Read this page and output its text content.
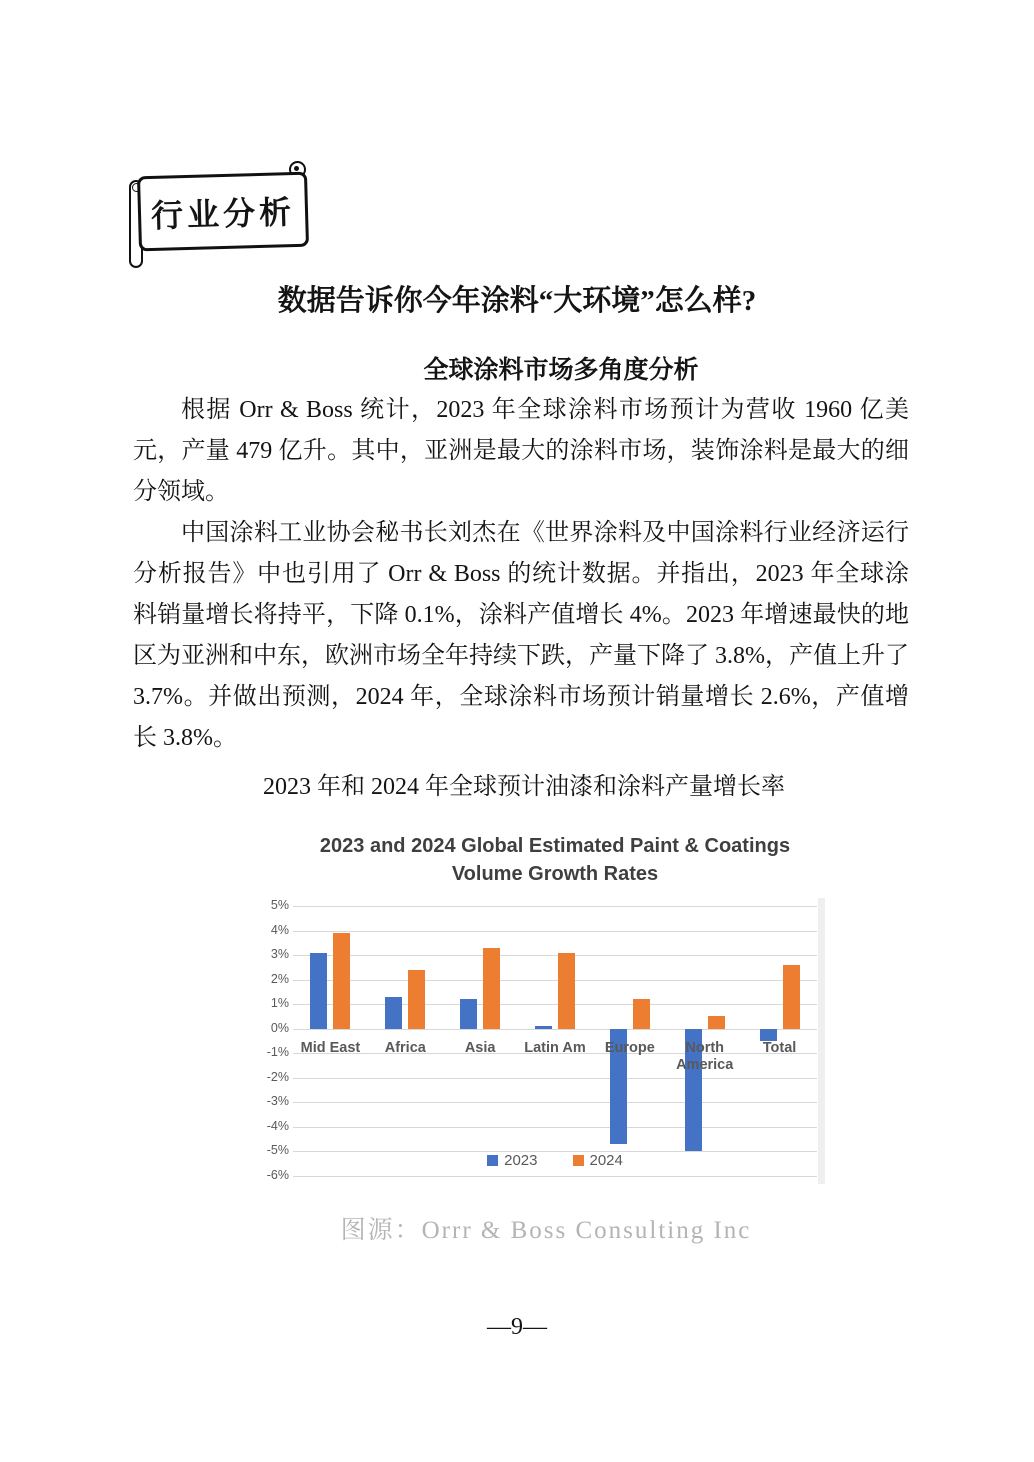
行业分析
数据告诉你今年涂料“大环境”怎么样?
全球涂料市场多角度分析

根据 Orr & Boss 统计，2023 年全球涂料市场预计为营收 1960 亿美元，产量 479 亿升。其中，亚洲是最大的涂料市场，装饰涂料是最大的细分领域。

中国涂料工业协会秘书长刘杰在《世界涂料及中国涂料行业经济运行分析报告》中也引用了 Orr & Boss 的统计数据。并指出，2023 年全球涂料销量增长将持平，下降 0.1%，涂料产值增长 4%。2023 年增速最快的地区为亚洲和中东，欧洲市场全年持续下跌，产量下降了 3.8%，产值上升了 3.7%。并做出预测，2024 年，全球涂料市场预计销量增长 2.6%，产值增长 3.8%。

2023 年和 2024 年全球预计油漆和涂料产量增长率
2023 and 2024 Global Estimated Paint & Coatings
Volume Growth Rates
5%
4%
3%
2%
1%
0%
-1%
-2%
-3%
-4%
-5%
-6%
Mid East	Africa	Asia	Latin Am	Europe	North America
Total
2023	2024
图源：Orrr & Boss Consulting Inc
—9—
